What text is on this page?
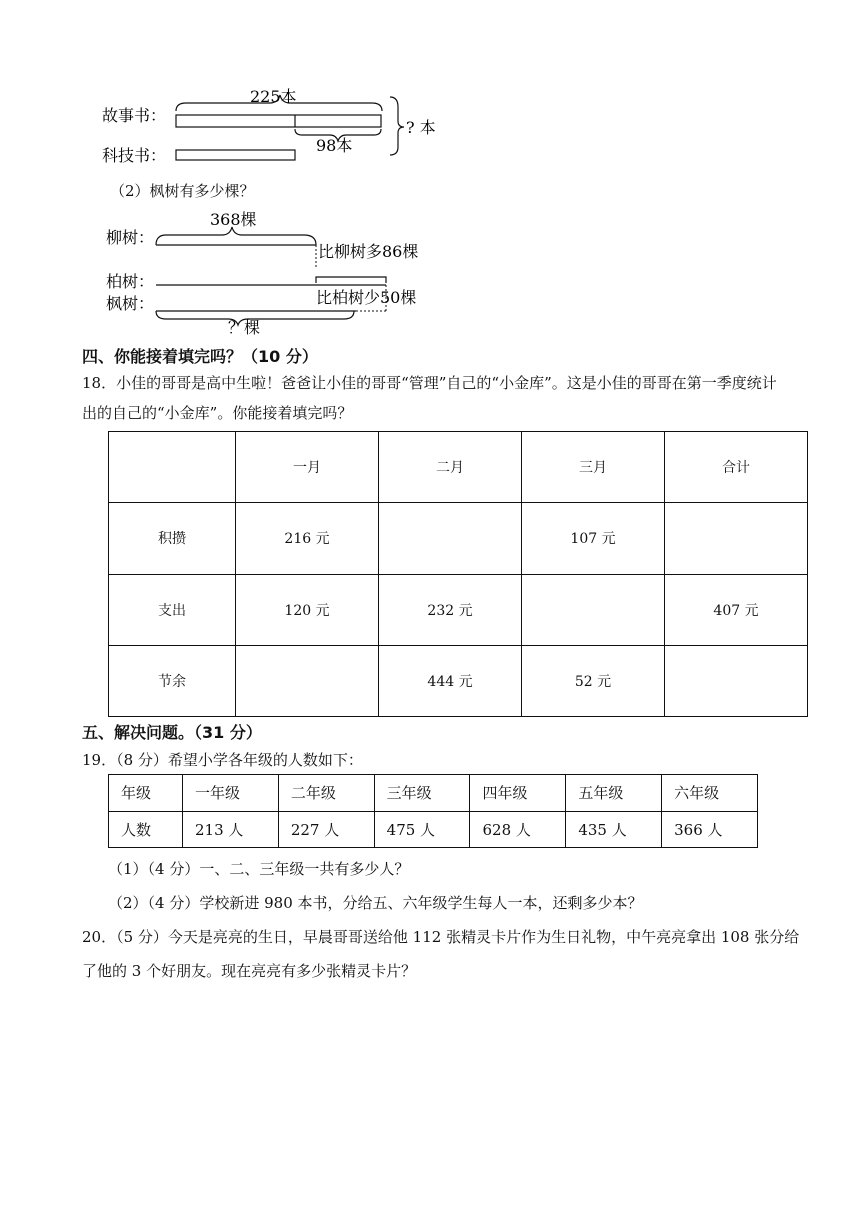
故事书：
科技书：
225本
98本
? 本
（2）枫树有多少棵？
柳树：
柏树：
枫树：
368棵
比柳树多86棵
比柏树少50棵
？棵
四、你能接着填完吗？（10 分）
18．小佳的哥哥是高中生啦！爸爸让小佳的哥哥“管理”自己的“小金库”。这是小佳的哥哥在第一季度统计
出的自己的“小金库”。你能接着填完吗？
	一月	二月	三月	合计
积攒	216 元		107 元	
支出	120 元	232 元		407 元
节余		444 元	52 元	
五、解决问题。（31 分）
19．（8 分）希望小学各年级的人数如下：
年级	一年级	二年级	三年级	四年级	五年级	六年级
人数	213 人	227 人	475 人	628 人	435 人	366 人
（1）（4 分）一、二、三年级一共有多少人？
（2）（4 分）学校新进 980 本书，分给五、六年级学生每人一本，还剩多少本？
20．（5 分）今天是亮亮的生日，早晨哥哥送给他 112 张精灵卡片作为生日礼物，中午亮亮拿出 108 张分给
了他的 3 个好朋友。现在亮亮有多少张精灵卡片？
